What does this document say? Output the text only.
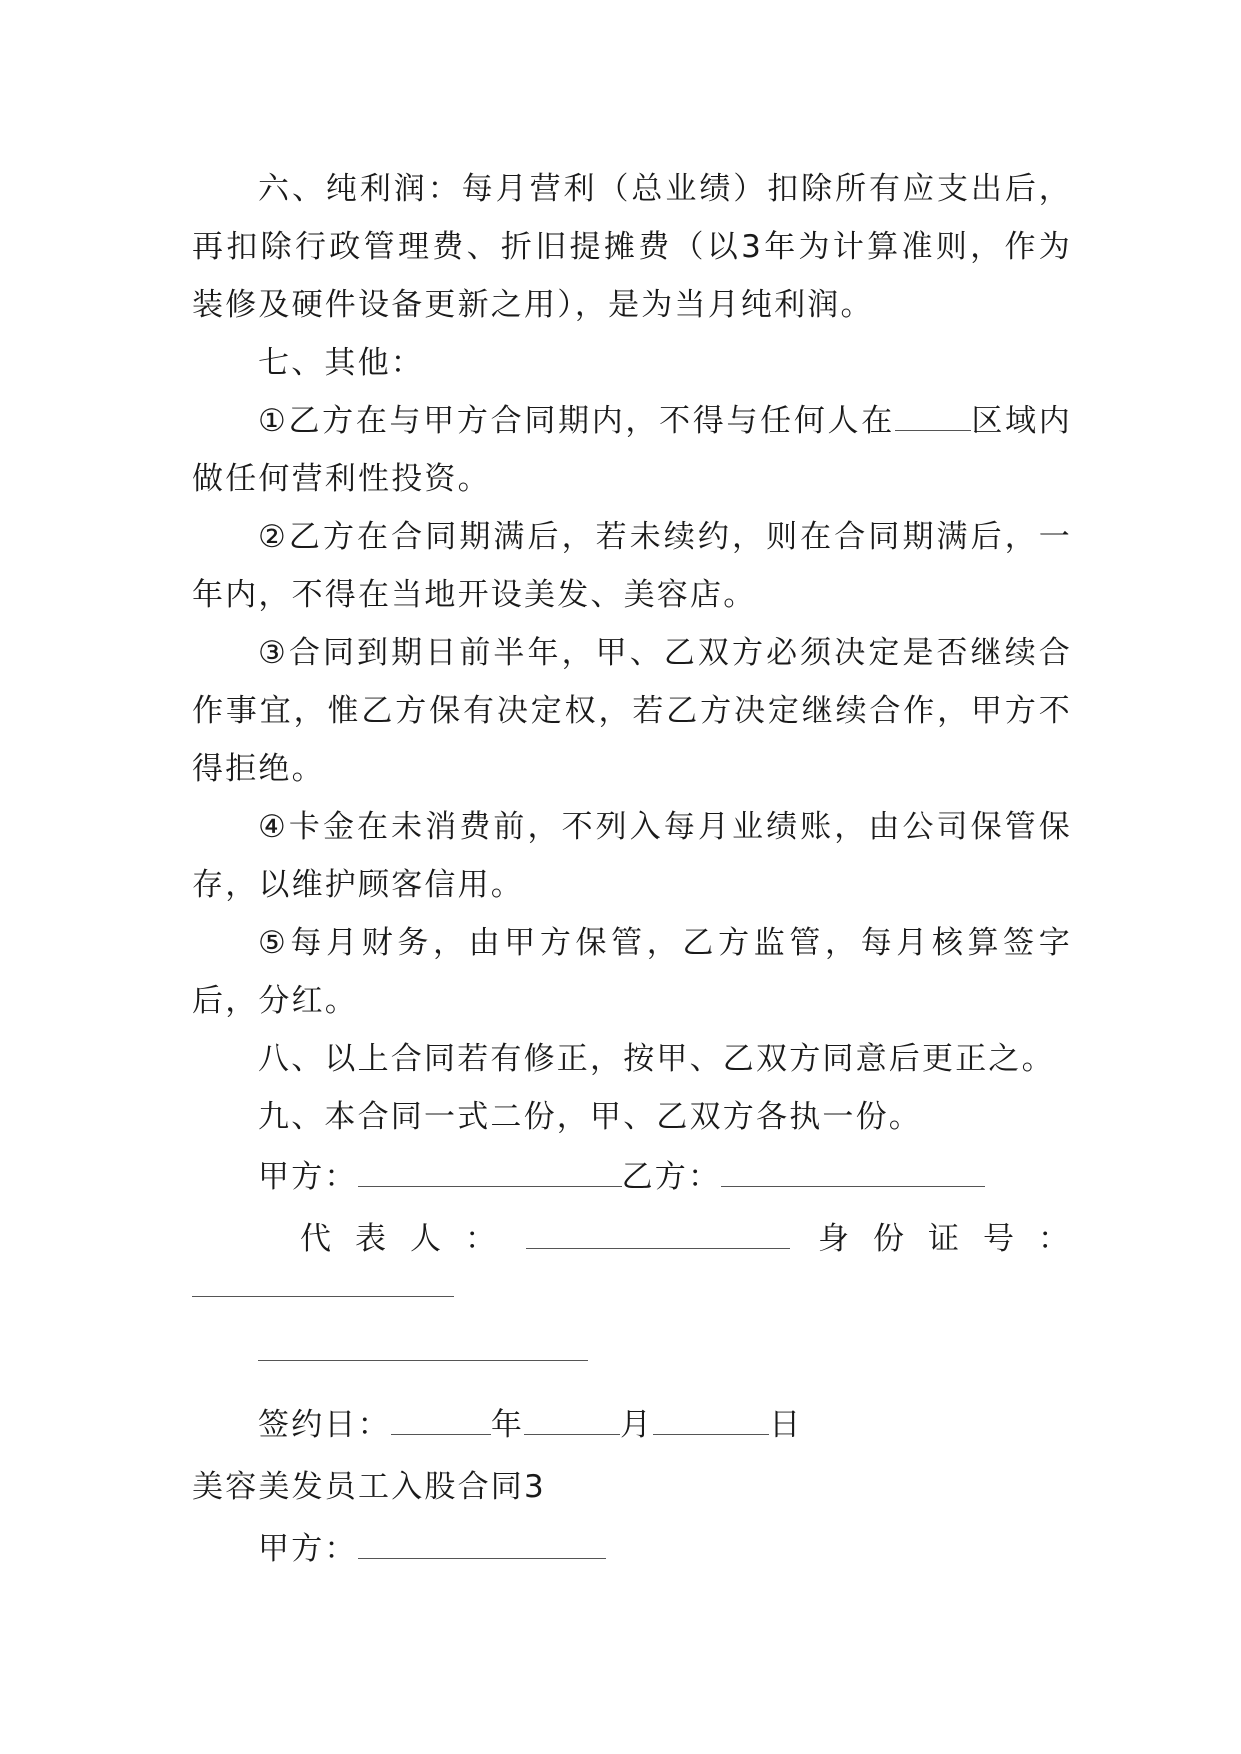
六、纯利润：每月营利（总业绩）扣除所有应支出后，再扣除行政管理费、折旧提摊费（以3年为计算准则，作为装修及硬件设备更新之用），是为当月纯利润。

七、其他：

①乙方在与甲方合同期内，不得与任何人在 区域内做任何营利性投资。

②乙方在合同期满后，若未续约，则在合同期满后，一年内，不得在当地开设美发、美容店。

③合同到期日前半年，甲、乙双方必须决定是否继续合作事宜，惟乙方保有决定权，若乙方决定继续合作，甲方不得拒绝。

④卡金在未消费前，不列入每月业绩账，由公司保管保存，以维护顾客信用。

⑤每月财务，由甲方保管，乙方监管，每月核算签字后，分红。

八、以上合同若有修正，按甲、乙双方同意后更正之。

九、本合同一式二份，甲、乙双方各执一份。

甲方：	乙方：
代表人：	身份证号：
签约日：	年	月	日
美容美发员工入股合同3
甲方：
